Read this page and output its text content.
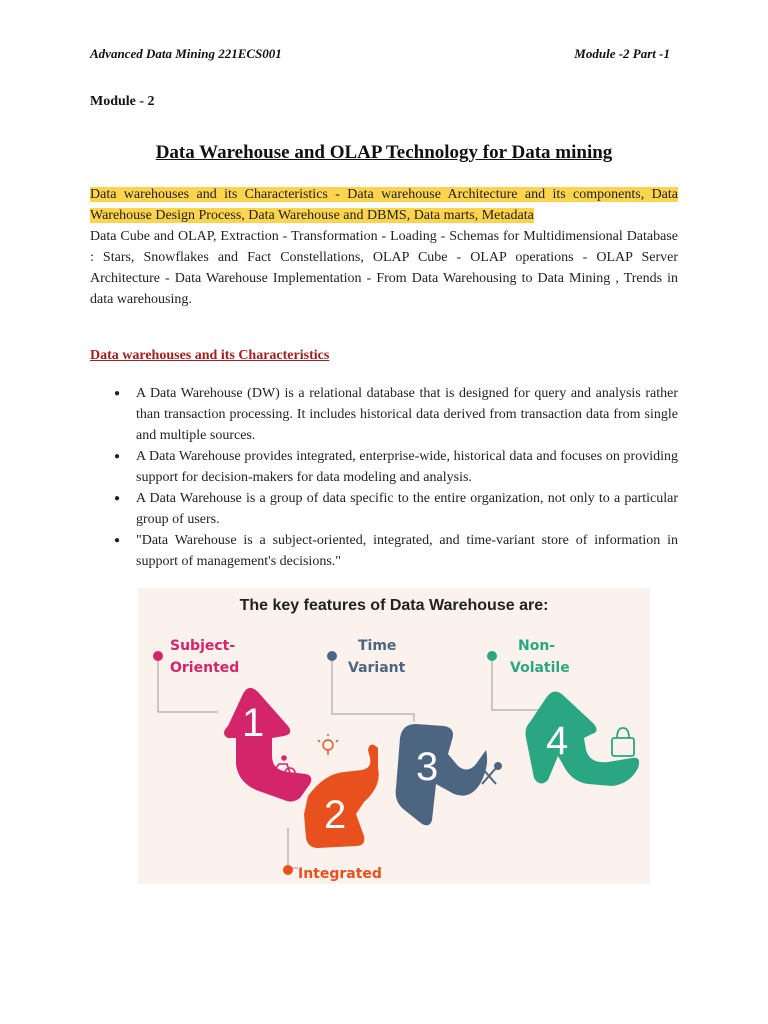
Advanced Data Mining 221ECS001	Module -2 Part -1
Module - 2
Data Warehouse and OLAP Technology for Data mining
Data warehouses and its Characteristics - Data warehouse Architecture and its components, Data Warehouse Design Process, Data Warehouse and DBMS, Data marts, Metadata
Data Cube and OLAP, Extraction - Transformation - Loading - Schemas for Multidimensional Database : Stars, Snowflakes and Fact Constellations, OLAP Cube - OLAP operations - OLAP Server Architecture - Data Warehouse Implementation - From Data Warehousing to Data Mining , Trends in data warehousing.
Data warehouses and its Characteristics
● A Data Warehouse (DW) is a relational database that is designed for query and analysis rather than transaction processing. It includes historical data derived from transaction data from single and multiple sources.
● A Data Warehouse provides integrated, enterprise-wide, historical data and focuses on providing support for decision-makers for data modeling and analysis.
● A Data Warehouse is a group of data specific to the entire organization, not only to a particular group of users.
● "Data Warehouse is a subject-oriented, integrated, and time-variant store of information in support of management's decisions."
The key features of Data Warehouse are:
1
Subject-
Oriented
2
Integrated
3
Time
Variant
4
Non-
Volatile
